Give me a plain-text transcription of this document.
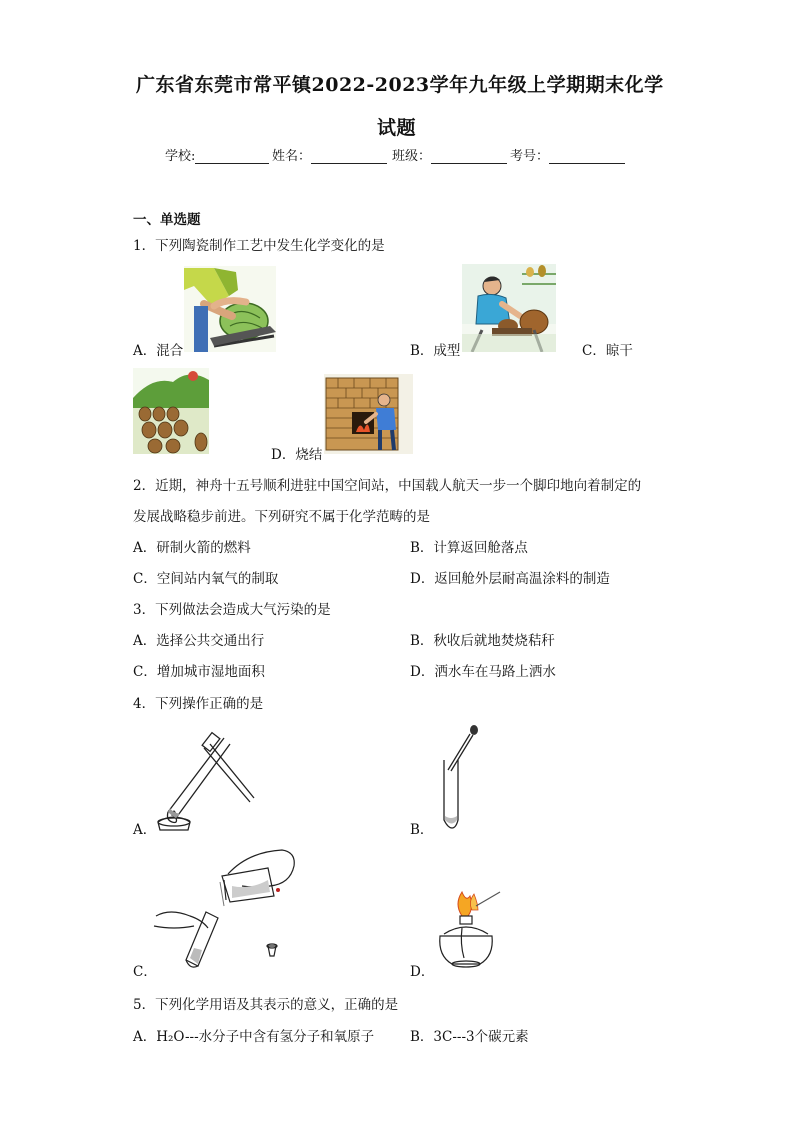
广东省东莞市常平镇2022-2023学年九年级上学期期末化学
试题
学校:	姓名：	班级：	考号：
一、单选题
1．下列陶瓷制作工艺中发生化学变化的是
A．混合	B．成型	C．晾干
D．烧结
2．近期，神舟十五号顺利进驻中国空间站，中国载人航天一步一个脚印地向着制定的
发展战略稳步前进。下列研究不属于化学范畴的是
A．研制火箭的燃料	B．计算返回舱落点
C．空间站内氧气的制取	D．返回舱外层耐高温涂料的制造
3．下列做法会造成大气污染的是
A．选择公共交通出行	B．秋收后就地焚烧秸秆
C．增加城市湿地面积	D．洒水车在马路上洒水
4．下列操作正确的是
A．	B．
C．	D．
5．下列化学用语及其表示的意义，正确的是
A．H₂O---水分子中含有氢分子和氧原子	B．3C---3个碳元素
